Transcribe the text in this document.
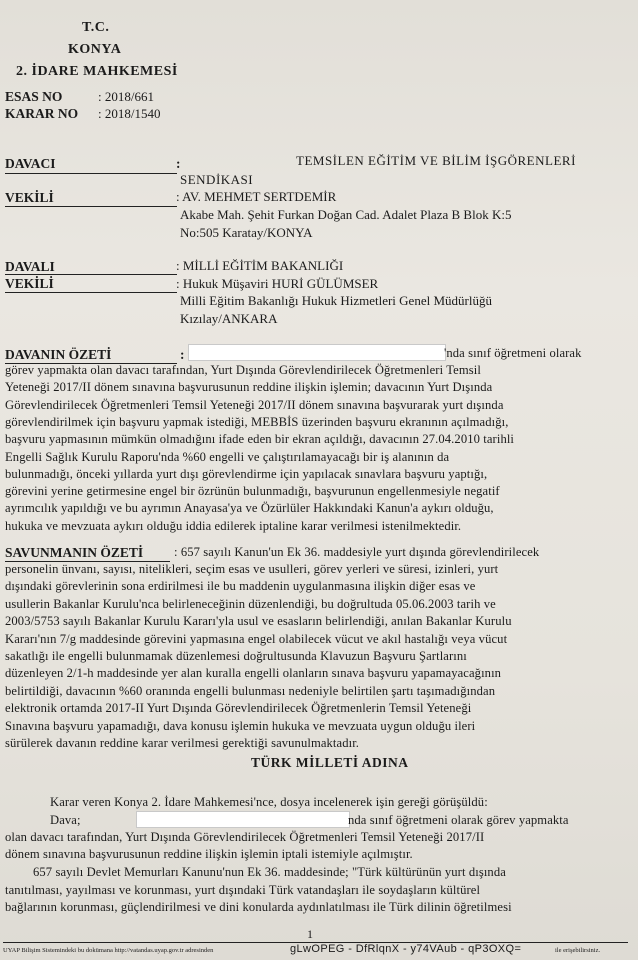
T.C.
KONYA
2. İDARE MAHKEMESİ
ESAS NO	: 2018/661
KARAR NO : 2018/1540
DAVACI	:	TEMSİLEN EĞİTİM VE BİLİM İŞGÖRENLERİ
SENDİKASI
VEKİLİ	: AV. MEHMET SERTDEMİR
Akabe Mah. Şehit Furkan Doğan Cad. Adalet Plaza B Blok K:5
No:505 Karatay/KONYA
DAVALI	: MİLLİ EĞİTİM BAKANLIĞI
VEKİLİ	: Hukuk Müşaviri HURİ GÜLÜMSER
Milli Eğitim Bakanlığı Hukuk Hizmetleri Genel Müdürlüğü
Kızılay/ANKARA
DAVANIN ÖZETİ	:	'nda sınıf öğretmeni olarak
görev yapmakta olan davacı tarafından, Yurt Dışında Görevlendirilecek Öğretmenleri Temsil
Yeteneği 2017/II dönem sınavına başvurusunun reddine ilişkin işlemin; davacının Yurt Dışında
Görevlendirilecek Öğretmenleri Temsil Yeteneği 2017/II dönem sınavına başvurarak yurt dışında
görevlendirilmek için başvuru yapmak istediği, MEBBİS üzerinden başvuru ekranının açılmadığı,
başvuru yapmasının mümkün olmadığını ifade eden bir ekran açıldığı, davacının 27.04.2010 tarihli
Engelli Sağlık Kurulu Raporu'nda %60 engelli ve çalıştırılamayacağı bir iş alanının da
bulunmadığı, önceki yıllarda yurt dışı görevlendirme için yapılacak sınavlara başvuru yaptığı,
görevini yerine getirmesine engel bir özrünün bulunmadığı, başvurunun engellenmesiyle negatif
ayrımcılık yapıldığı ve bu ayrımın Anayasa'ya ve Özürlüler Hakkındaki Kanun'a aykırı olduğu,
hukuka ve mevzuata aykırı olduğu iddia edilerek iptaline karar verilmesi istenilmektedir.
SAVUNMANIN ÖZETİ : 657 sayılı Kanun'un Ek 36. maddesiyle yurt dışında görevlendirilecek
personelin ünvanı, sayısı, nitelikleri, seçim esas ve usulleri, görev yerleri ve süresi, izinleri, yurt
dışındaki görevlerinin sona erdirilmesi ile bu maddenin uygulanmasına ilişkin diğer esas ve
usullerin Bakanlar Kurulu'nca belirleneceğinin düzenlendiği, bu doğrultuda 05.06.2003 tarih ve
2003/5753 sayılı Bakanlar Kurulu Kararı'yla usul ve esasların belirlendiği, anılan Bakanlar Kurulu
Kararı'nın 7/g maddesinde görevini yapmasına engel olabilecek vücut ve akıl hastalığı veya vücut
sakatlığı ile engelli bulunmamak düzenlemesi doğrultusunda Klavuzun Başvuru Şartlarını
düzenleyen 2/1-h maddesinde yer alan kuralla engelli olanların sınava başvuru yapamayacağının
belirtildiği, davacının %60 oranında engelli bulunması nedeniyle belirtilen şartı taşımadığından
elektronik ortamda 2017-II Yurt Dışında Görevlendirilecek Öğretmenlerin Temsil Yeteneği
Sınavına başvuru yapamadığı, dava konusu işlemin hukuka ve mevzuata uygun olduğu ileri
sürülerek davanın reddine karar verilmesi gerektiği savunulmaktadır.
TÜRK MİLLETİ ADINA
Karar veren Konya 2. İdare Mahkemesi'nce, dosya incelenerek işin gereği görüşüldü:
Dava;	nda sınıf öğretmeni olarak görev yapmakta
olan davacı tarafından, Yurt Dışında Görevlendirilecek Öğretmenleri Temsil Yeteneği 2017/II
dönem sınavına başvurusunun reddine ilişkin işlemin iptali istemiyle açılmıştır.
657 sayılı Devlet Memurları Kanunu'nun Ek 36. maddesinde; "Türk kültürünün yurt dışında
tanıtılması, yayılması ve korunması, yurt dışındaki Türk vatandaşları ile soydaşların kültürel
bağlarının korunması, güçlendirilmesi ve dini konularda aydınlatılması ile Türk dilinin öğretilmesi
1
UYAP Bilişim Sistemindeki bu dokümana http://vatandas.uyap.gov.tr adresinden	gLwOPEG - DfRlqnX - y74VAub - qP3OXQ=	ile erişebilirsiniz.
